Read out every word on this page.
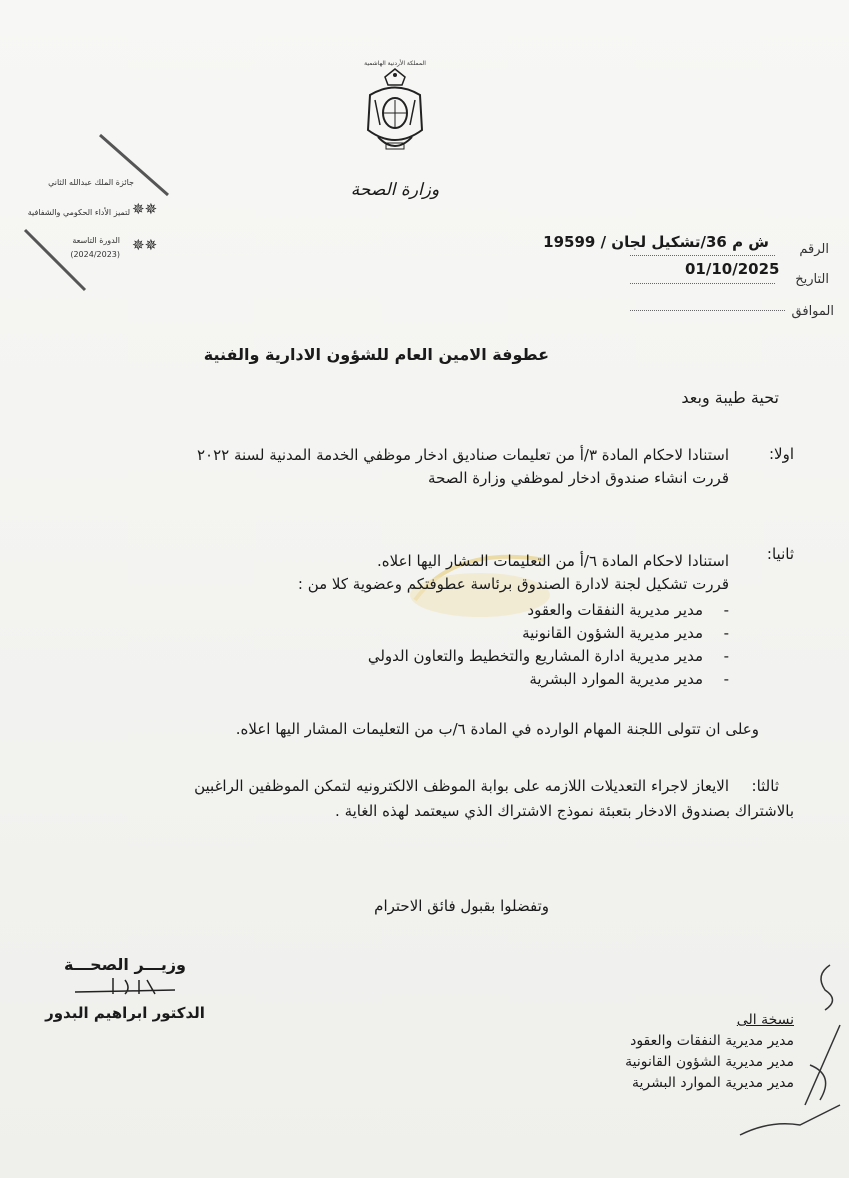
المملكة الأردنية الهاشمية
وزارة الصحة
✵✵
✵✵
جائزة الملك عبدالله الثاني
لتميز الأداء الحكومي والشفافية
الدورة التاسعة
(2024/2023)	الرقم
ش م 36/تشكيل لجان / 19599
التاريخ
01/10/2025
الموافق
عطوفة الامين العام للشؤون الادارية والفنية
تحية طيبة وبعد
اولا:
استنادا لاحكام المادة ٣/أ من تعليمات صناديق ادخار موظفي الخدمة المدنية لسنة ٢٠٢٢
قررت انشاء صندوق ادخار لموظفي وزارة الصحة
ثانيا:
استنادا لاحكام المادة ٦/أ من التعليمات المشار اليها اعلاه.
قررت تشكيل لجنة لادارة الصندوق برئاسة عطوفتكم وعضوية كلا من :
-مدير مديرية النفقات والعقود
-مدير مديرية الشؤون القانونية
-مدير مديرية ادارة المشاريع والتخطيط والتعاون الدولي
-مدير مديرية الموارد البشرية
وعلى ان تتولى اللجنة المهام الوارده في المادة ٦/ب من التعليمات المشار اليها اعلاه.
ثالثا:
الايعاز لاجراء التعديلات اللازمه على بوابة الموظف الالكترونيه لتمكن الموظفين الراغبين
بالاشتراك بصندوق الادخار بتعبئة نموذج الاشتراك الذي سيعتمد لهذه الغاية .
وتفضلوا بقبول فائق الاحترام
وزيـــر الصحـــة
الدكتور ابراهيم البدور	نسخة الى
مدير مديرية النفقات والعقود
مدير مديرية الشؤون القانونية
مدير مديرية الموارد البشرية
